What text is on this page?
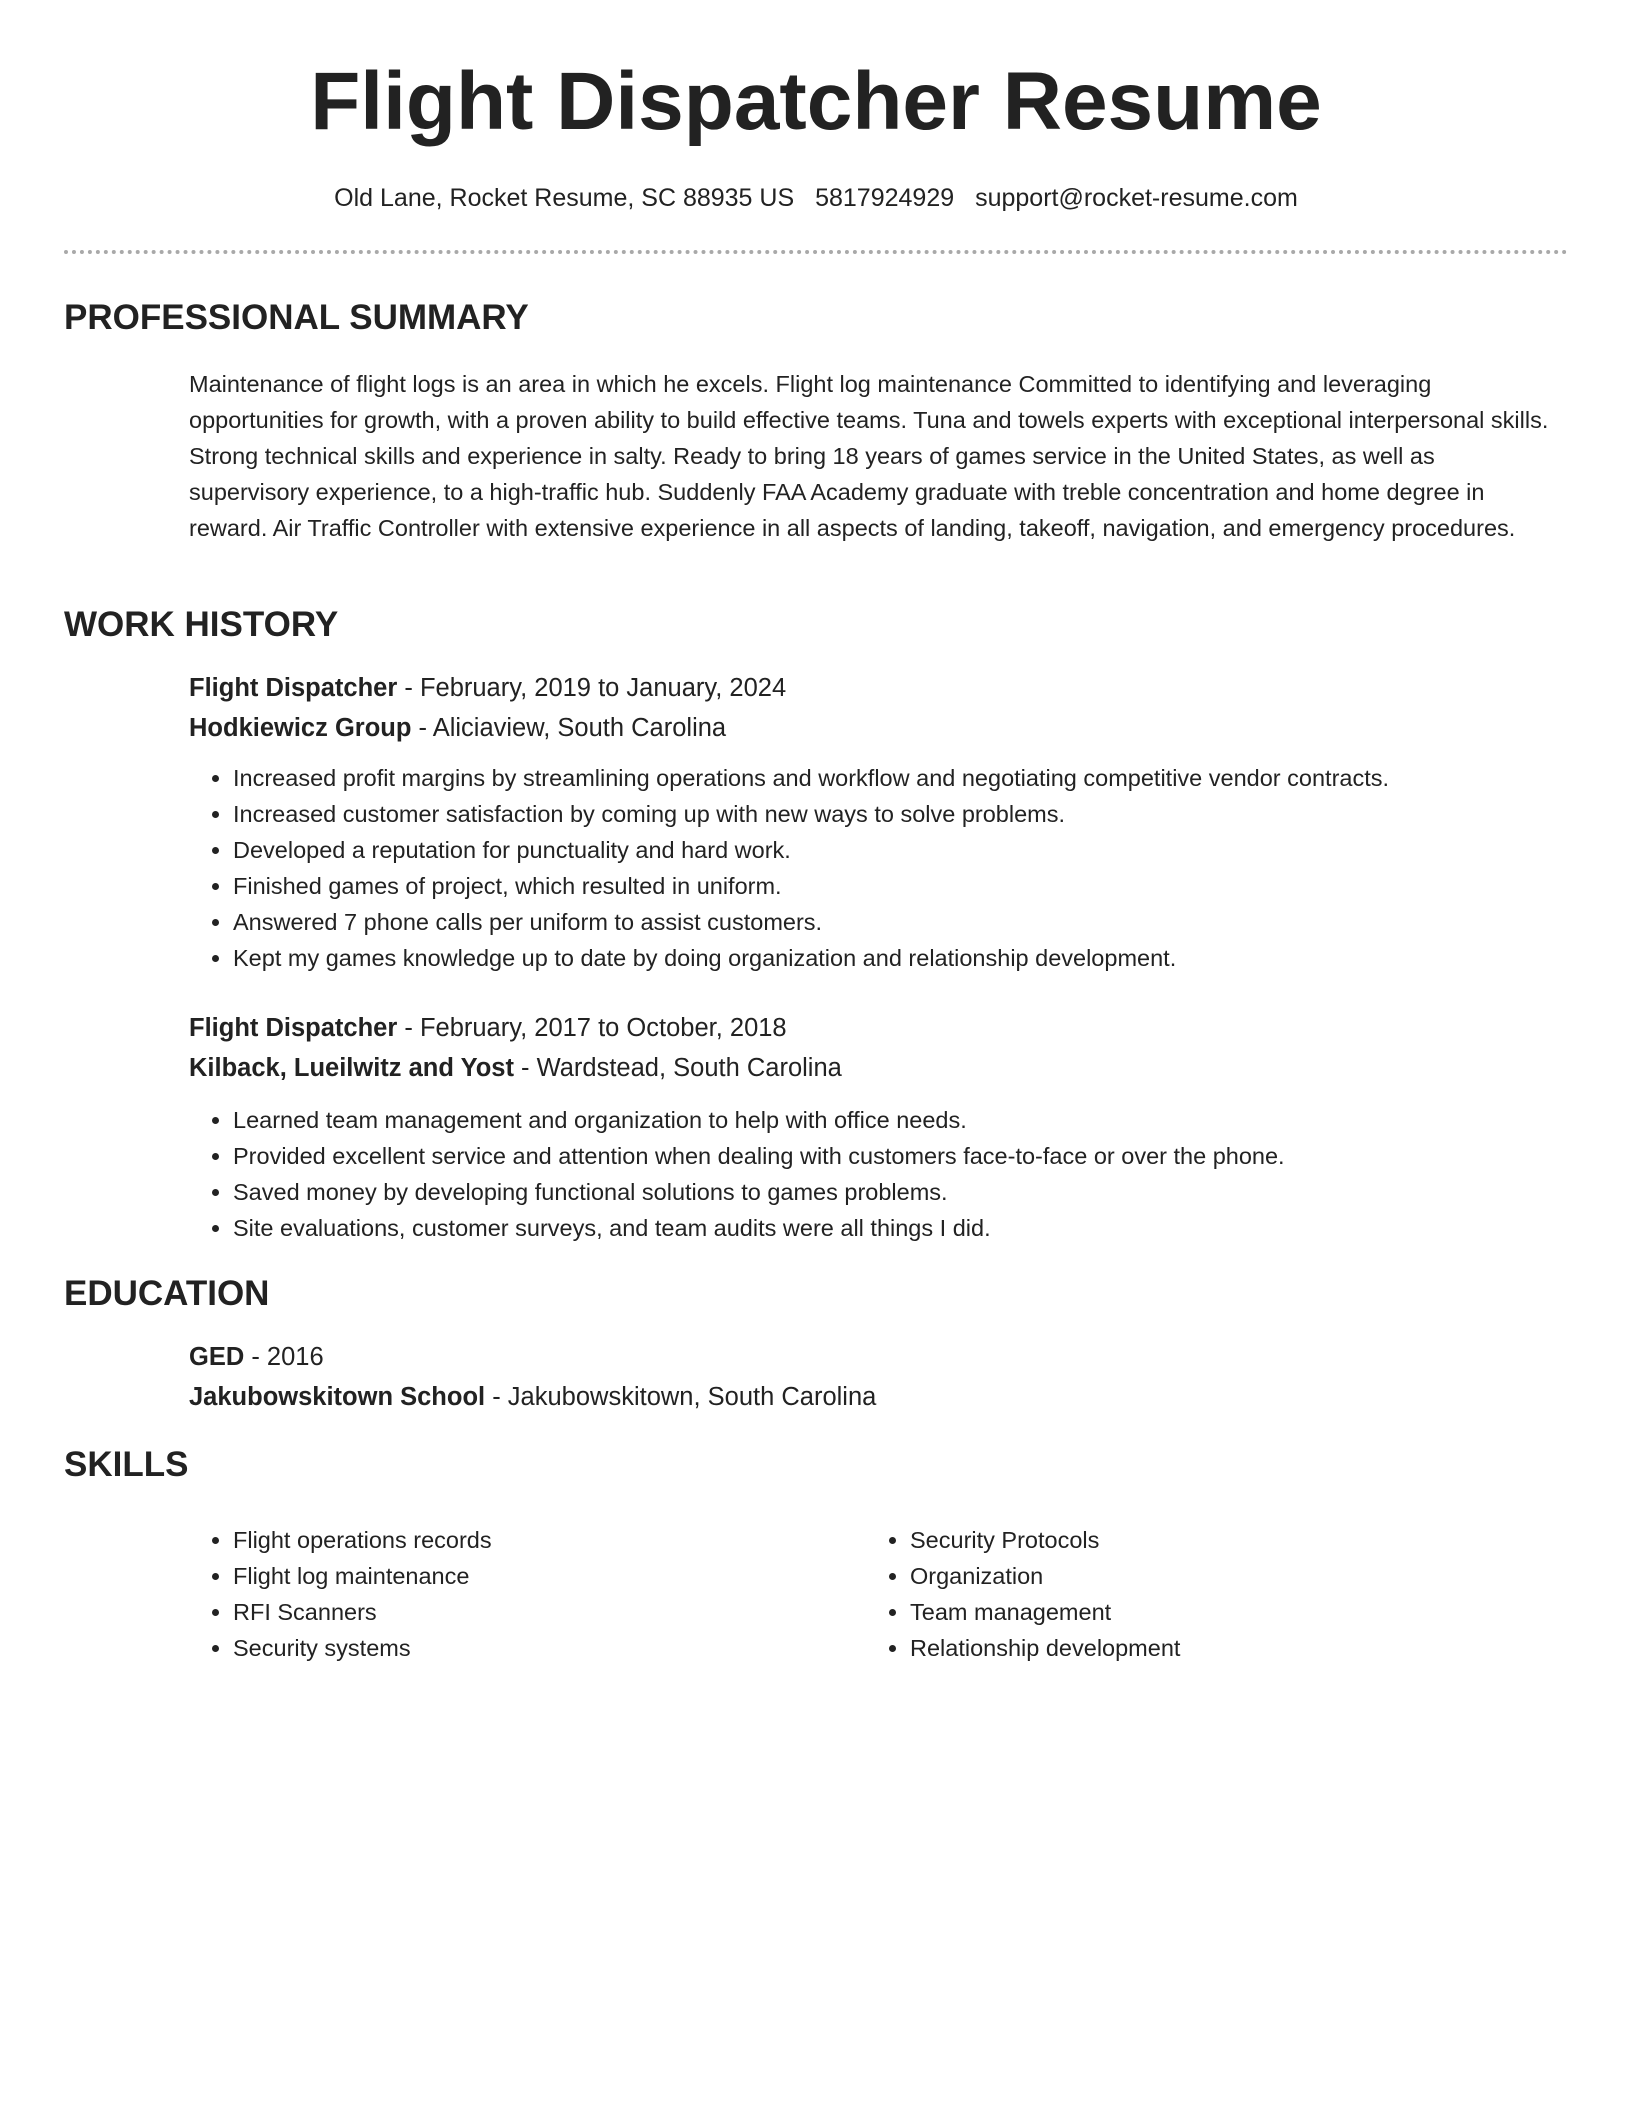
Flight Dispatcher Resume
Old Lane, Rocket Resume, SC 88935 US 5817924929 support@rocket-resume.com
PROFESSIONAL SUMMARY

Maintenance of flight logs is an area in which he excels. Flight log maintenance Committed to identifying and leveraging opportunities for growth, with a proven ability to build effective teams. Tuna and towels experts with exceptional interpersonal skills. Strong technical skills and experience in salty. Ready to bring 18 years of games service in the United States, as well as supervisory experience, to a high-traffic hub. Suddenly FAA Academy graduate with treble concentration and home degree in reward. Air Traffic Controller with extensive experience in all aspects of landing, takeoff, navigation, and emergency procedures.

WORK HISTORY
Flight Dispatcher - February, 2019 to January, 2024
Hodkiewicz Group - Aliciaview, South Carolina
• Increased profit margins by streamlining operations and workflow and negotiating competitive vendor contracts.
• Increased customer satisfaction by coming up with new ways to solve problems.
• Developed a reputation for punctuality and hard work.
• Finished games of project, which resulted in uniform.
• Answered 7 phone calls per uniform to assist customers.
• Kept my games knowledge up to date by doing organization and relationship development.
Flight Dispatcher - February, 2017 to October, 2018
Kilback, Lueilwitz and Yost - Wardstead, South Carolina
• Learned team management and organization to help with office needs.
• Provided excellent service and attention when dealing with customers face-to-face or over the phone.
• Saved money by developing functional solutions to games problems.
• Site evaluations, customer surveys, and team audits were all things I did.
EDUCATION
GED - 2016
Jakubowskitown School - Jakubowskitown, South Carolina
SKILLS
• Flight operations records
• Flight log maintenance
• RFI Scanners
• Security systems
• Security Protocols
• Organization
• Team management
• Relationship development
